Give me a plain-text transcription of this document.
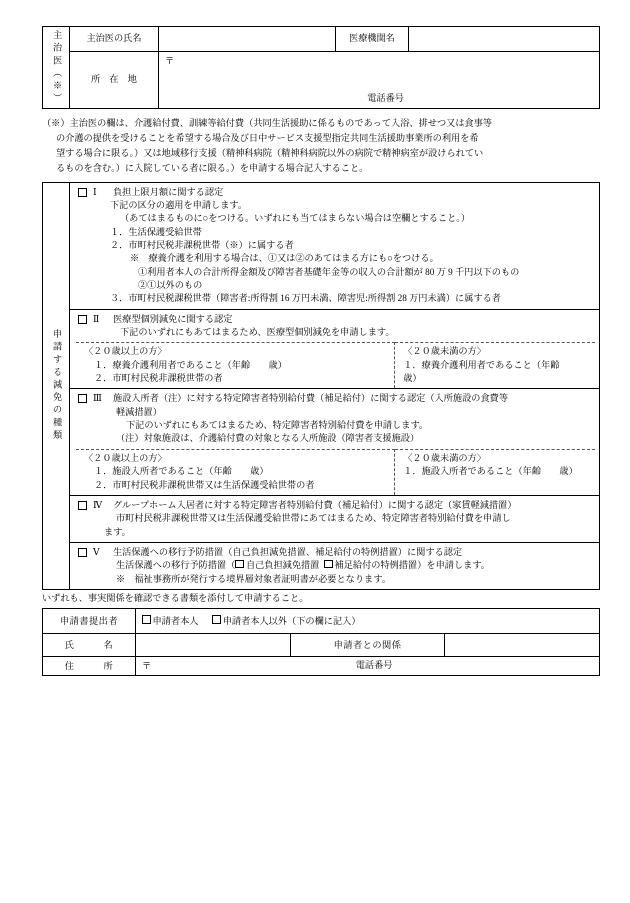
主治医（※）	主治医の氏名		医療機関名	
	所　在　地	〒
電話番号		

（※）主治医の欄は、介護給付費、訓練等給付費（共同生活援助に係るものであって入浴、排せつ又は食事等

の介護の提供を受けることを希望する場合及び日中サービス支援型指定共同生活援助事業所の利用を希

望する場合に限る。）又は地域移行支援（精神科病院（精神科病院以外の病院で精神病室が設けられてい

るものを含む。）に入院している者に限る。）を申請する場合記入すること。

申請する減免の種類

Ⅰ	負担上限月額に関する認定
下記の区分の適用を申請します。
（あてはまるものに○をつける。いずれにも当てはまらない場合は空欄とすること。）
１．生活保護受給世帯
２．市町村民税非課税世帯（※）に属する者
※　療養介護を利用する場合は、①又は②のあてはまる方にも○をつける。
①利用者本人の合計所得金額及び障害者基礎年金等の収入の合計額が 80 万 9 千円以下のもの
②①以外のもの
３．市町村民税課税世帯（障害者:所得割 16 万円未満、障害児:所得割 28 万円未満）に属する者

Ⅱ	医療型個別減免に関する認定
下記のいずれにもあてはまるため、医療型個別減免を申請します。
〈２０歳以上の方〉
１．療養介護利用者であること（年齢　　歳）
２．市町村民税非課税世帯の者

〈２０歳未満の方〉
１．療養介護利用者であること（年齢　　歳）

Ⅲ	施設入所者（注）に対する特定障害者特別給付費（補足給付）に関する認定（入所施設の食費等
軽減措置）
下記のいずれにもあてはまるため、特定障害者特別給付費を申請します。
（注）対象施設は、介護給付費の対象となる入所施設（障害者支援施設）
〈２０歳以上の方〉
１．施設入所者であること（年齢　　歳）
２．市町村民税非課税世帯又は生活保護受給世帯の者

〈２０歳未満の方〉
１．施設入所者であること（年齢　　歳）

Ⅳ	グループホーム入居者に対する特定障害者特別給付費（補足給付）に関する認定（家賃軽減措置）
市町村民税非課税世帯又は生活保護受給世帯にあてはまるため、特定障害者特別給付費を申請し
ます。

Ⅴ	生活保護への移行予防措置（自己負担減免措置、補足給付の特例措置）に関する認定
生活保護への移行予防措置（ 自己負担減免措置 補足給付の特例措置）を申請します。
※　福祉事務所が発行する境界層対象者証明書が必要となります。
いずれも、事実関係を確認できる書類を添付して申請すること。
申請書提出者	申請者本人 申請者本人以外（下の欄に記入）		
氏　　　名		申請者との関係	
住　　　所	〒 電話番号		
